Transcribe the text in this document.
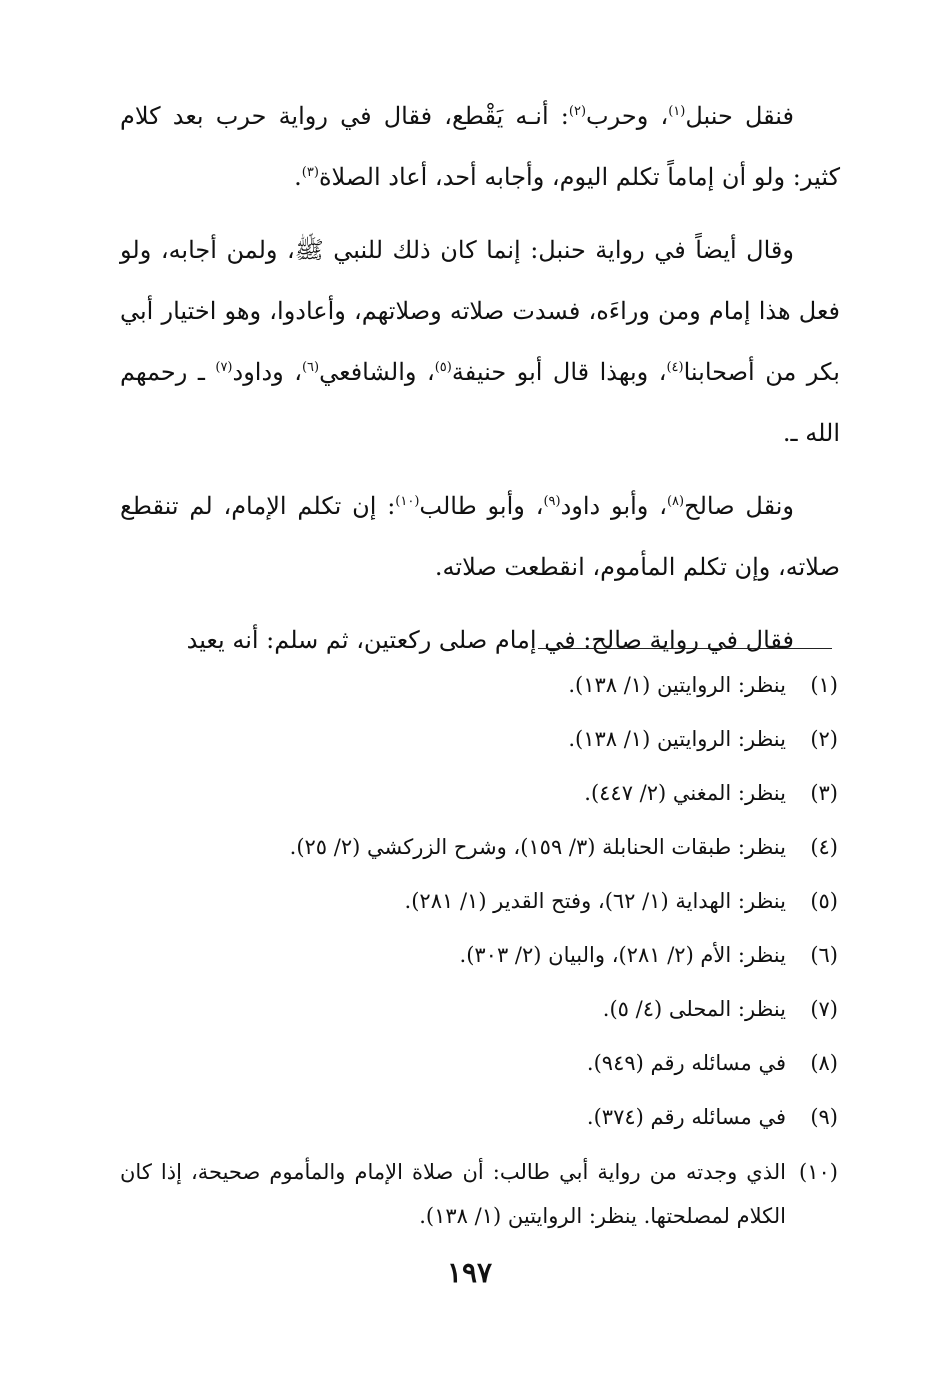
فنقل حنبل$^{(١)}$، وحرب$^{(٢)}$: أنـه يَقْطع، فقال في رواية حرب بعد كلام كثير: ولو أن إماماً تكلم اليوم، وأجابه أحد، أعاد الصلاة$^{(٣)}$.

وقال أيضاً في رواية حنبل: إنما كان ذلك للنبي ﷺ، ولمن أجابه، ولو فعل هذا إمام ومن وراءَه، فسدت صلاته وصلاتهم، وأعادوا، وهو اختيار أبي بكر من أصحابنا$^{(٤)}$، وبهذا قال أبو حنيفة$^{(٥)}$، والشافعي$^{(٦)}$، وداود$^{(٧)}$ ـ رحمهم الله ـ.

ونقل صالح$^{(٨)}$، وأبو داود$^{(٩)}$، وأبو طالب$^{(١٠)}$: إن تكلم الإمام، لم تنقطع صلاته، وإن تكلم المأموم، انقطعت صلاته.

فقال في رواية صالح: في إمام صلى ركعتين، ثم سلم: أنه يعيد

(١)
ينظر: الروايتين (١/ ١٣٨).
(٢)
ينظر: الروايتين (١/ ١٣٨).
(٣)
ينظر: المغني (٢/ ٤٤٧).
(٤)
ينظر: طبقات الحنابلة (٣/ ١٥٩)، وشرح الزركشي (٢/ ٢٥).
(٥)
ينظر: الهداية (١/ ٦٢)، وفتح القدير (١/ ٢٨١).
(٦)
ينظر: الأم (٢/ ٢٨١)، والبيان (٢/ ٣٠٣).
(٧)
ينظر: المحلى (٤/ ٥).
(٨)
في مسائله رقم (٩٤٩).
(٩)
في مسائله رقم (٣٧٤).
(١٠)
الذي وجدته من رواية أبي طالب: أن صلاة الإمام والمأموم صحيحة، إذا كان الكلام لمصلحتها. ينظر: الروايتين (١/ ١٣٨).
١٩٧
